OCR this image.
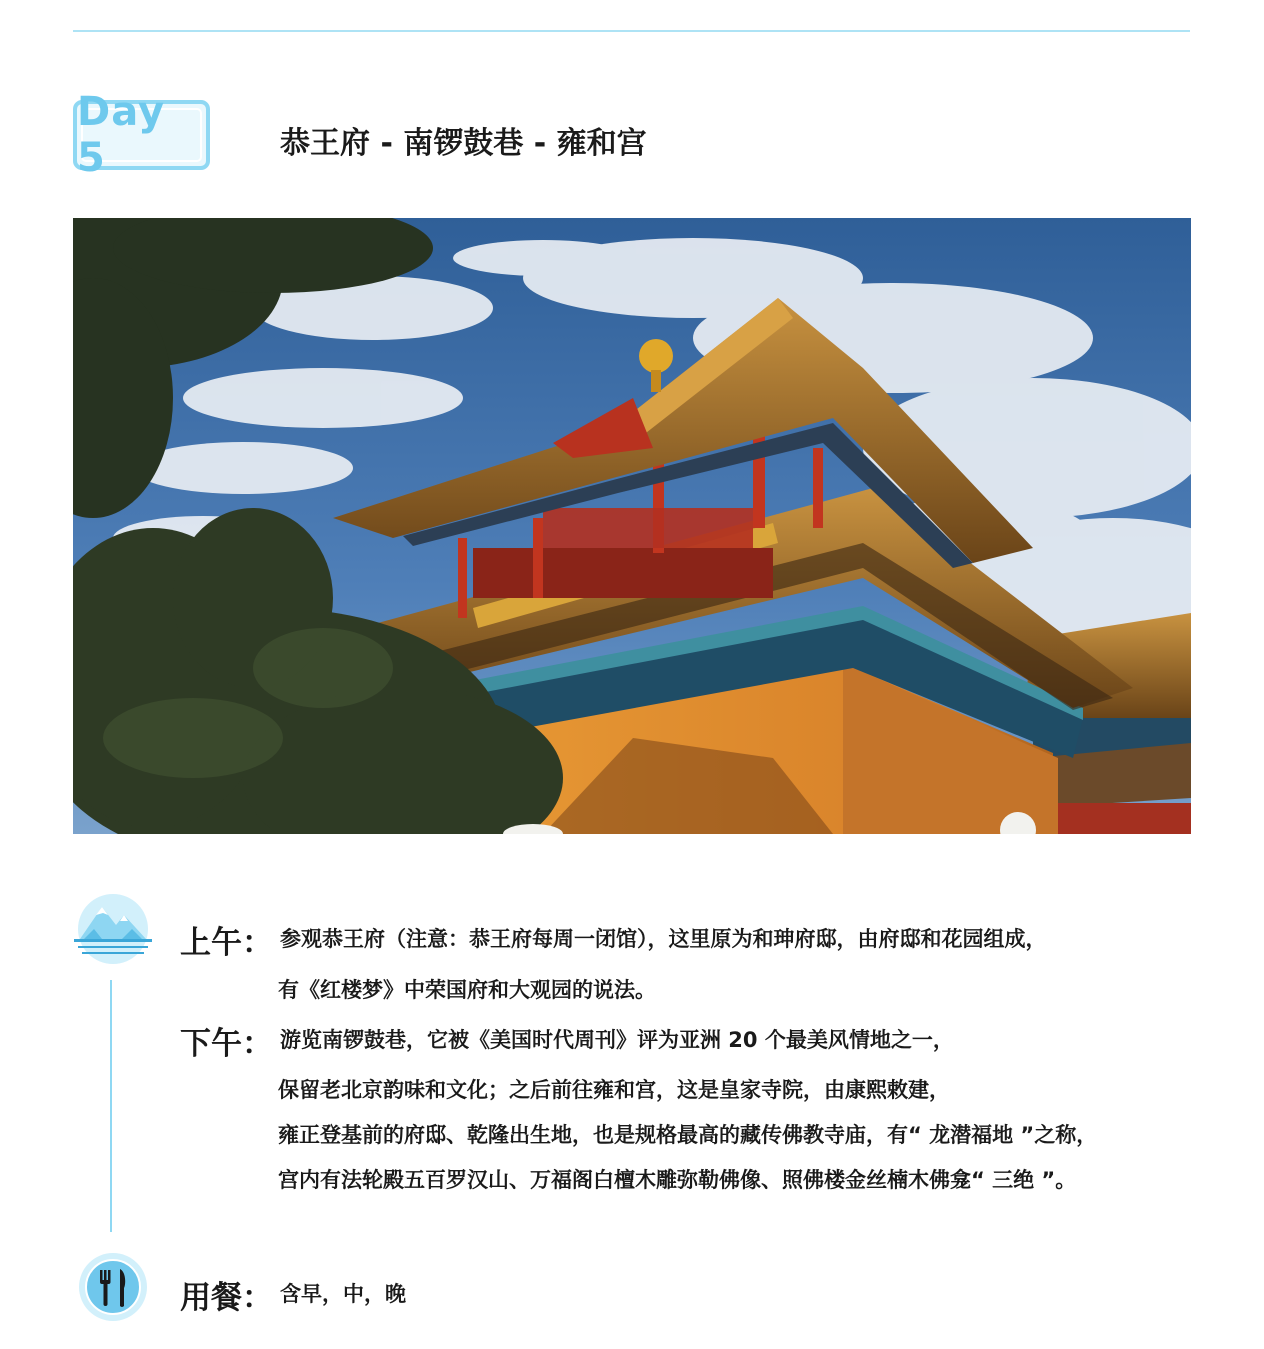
Day 5	恭王府 - 南锣鼓巷 - 雍和宫
上午： 参观恭王府（注意：恭王府每周一闭馆），这里原为和珅府邸，由府邸和花园组成，
有《红楼梦》中荣国府和大观园的说法。
下午： 游览南锣鼓巷，它被《美国时代周刊》评为亚洲 20 个最美风情地之一，
保留老北京韵味和文化；之后前往雍和宫，这是皇家寺院，由康熙敕建，
雍正登基前的府邸、乾隆出生地，也是规格最高的藏传佛教寺庙，有“ 龙潜福地 ”之称，
宫内有法轮殿五百罗汉山、万福阁白檀木雕弥勒佛像、照佛楼金丝楠木佛龛“ 三绝 ”。
用餐： 含早，中，晚
